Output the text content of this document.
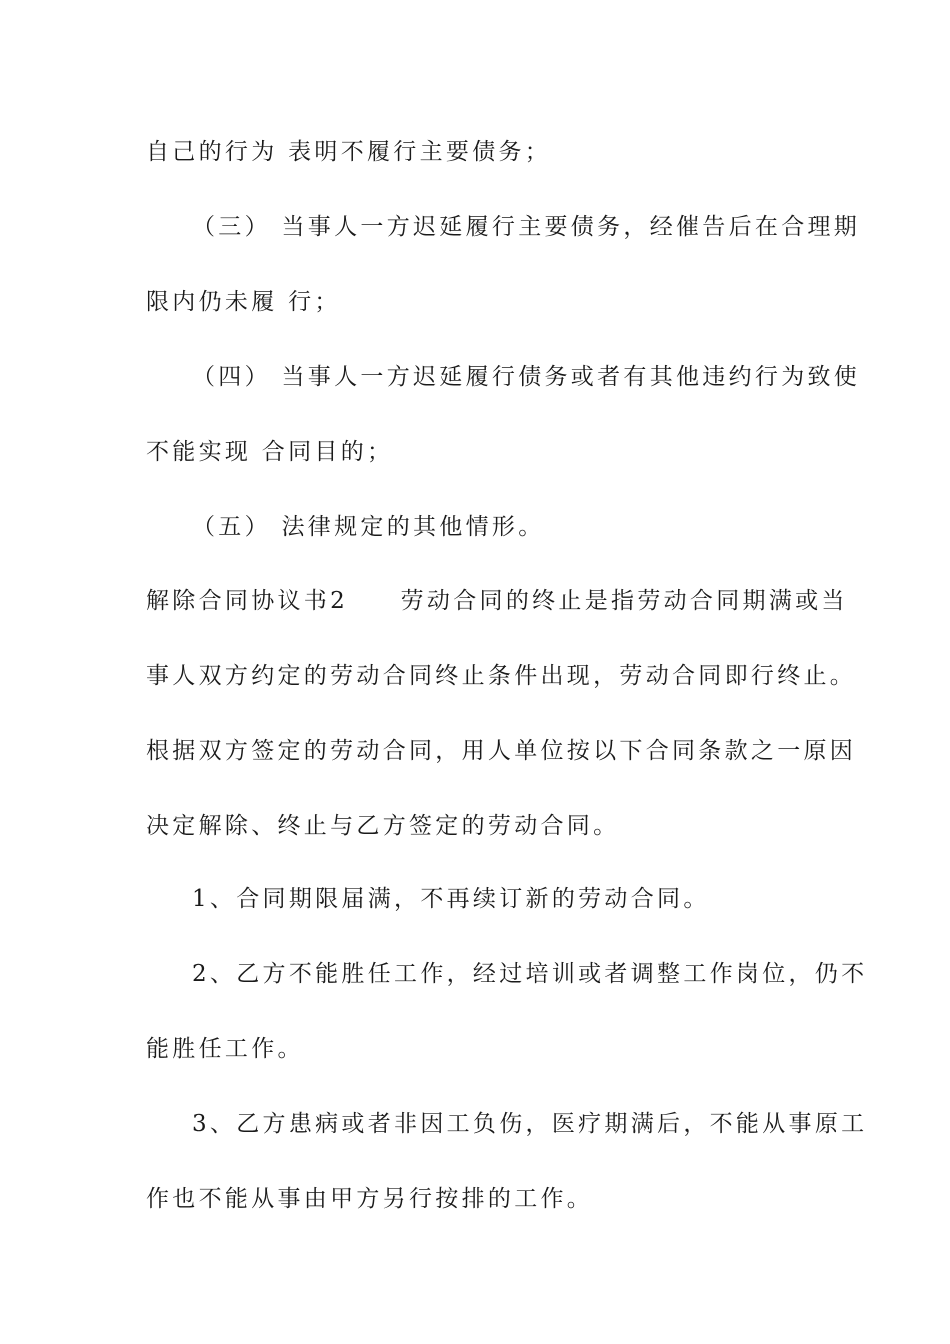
自己的行为 表明不履行主要债务；
（三） 当事人一方迟延履行主要债务，经催告后在合理期
限内仍未履 行；
（四） 当事人一方迟延履行债务或者有其他违约行为致使
不能实现 合同目的；
（五） 法律规定的其他情形。
解除合同协议书2　　劳动合同的终止是指劳动合同期满或当
事人双方约定的劳动合同终止条件出现，劳动合同即行终止。
根据双方签定的劳动合同，用人单位按以下合同条款之一原因
决定解除、终止与乙方签定的劳动合同。
1、合同期限届满，不再续订新的劳动合同。
2、乙方不能胜任工作，经过培训或者调整工作岗位，仍不
能胜任工作。
3、乙方患病或者非因工负伤，医疗期满后，不能从事原工
作也不能从事由甲方另行按排的工作。
